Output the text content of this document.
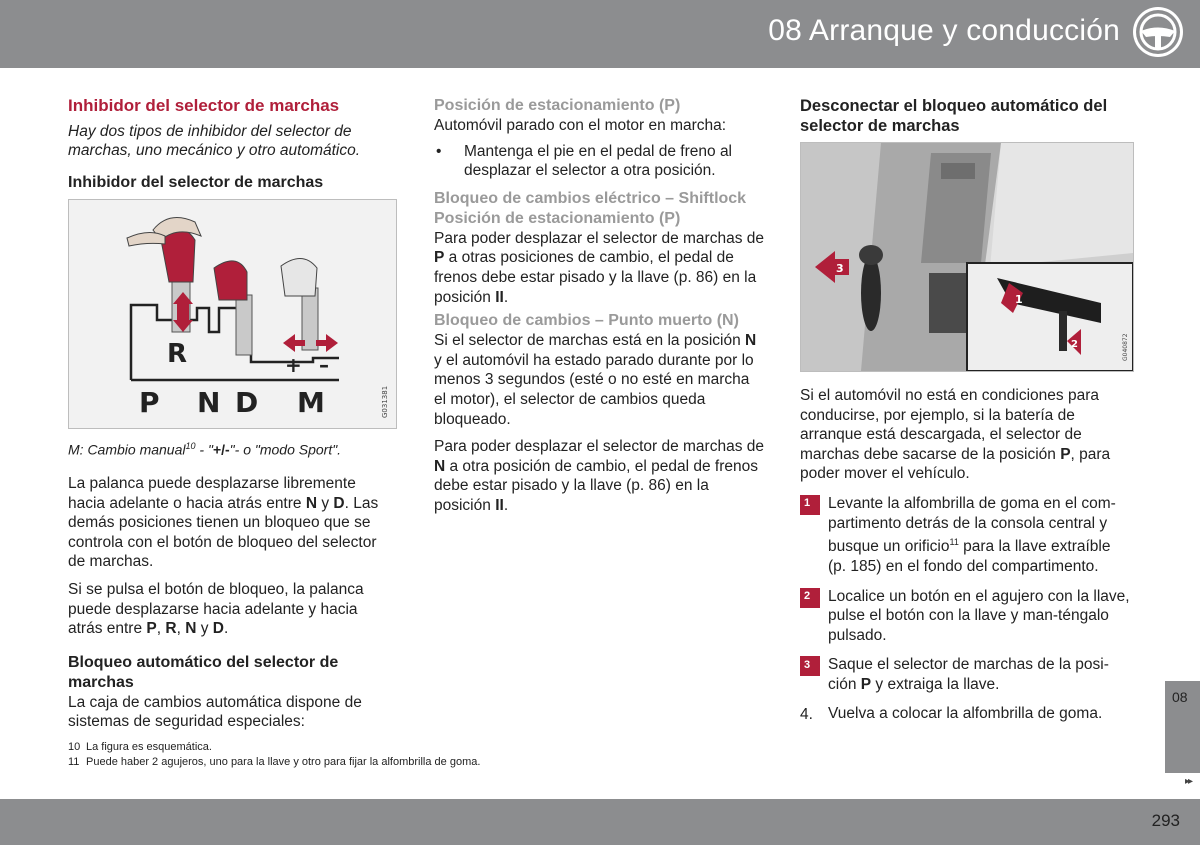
08 Arranque y conducción
Inhibidor del selector de marchas

Hay dos tipos de inhibidor del selector de marchas, uno mecánico y otro automático.

Inhibidor del selector de marchas
R	+ –
P N D M	G031381

M: Cambio manual$^{10}$ - "+/-"- o "modo Sport".

La palanca puede desplazarse libremente hacia adelante o hacia atrás entre N y D. Las demás posiciones tienen un bloqueo que se controla con el botón de bloqueo del selector de marchas.

Si se pulsa el botón de bloqueo, la palanca puede desplazarse hacia adelante y hacia atrás entre P, R, N y D.

Bloqueo automático del selector de marchas

La caja de cambios automática dispone de sistemas de seguridad especiales:

Posición de estacionamiento (P)

Automóvil parado con el motor en marcha:

•	Mantenga el pie en el pedal de freno al desplazar el selector a otra posición.
Bloqueo de cambios eléctrico – Shiftlock Posición de estacionamiento (P)

Para poder desplazar el selector de marchas de P a otras posiciones de cambio, el pedal de frenos debe estar pisado y la llave (p. 86) en la posición II.

Bloqueo de cambios – Punto muerto (N)

Si el selector de marchas está en la posición N y el automóvil ha estado parado durante por lo menos 3 segundos (esté o no esté en marcha el motor), el selector de cambios queda bloqueado.

Para poder desplazar el selector de marchas de N a otra posición de cambio, el pedal de frenos debe estar pisado y la llave (p. 86) en la posición II.

Desconectar el bloqueo automático del selector de marchas
3
1
2	G040872

Si el automóvil no está en condiciones para conducirse, por ejemplo, si la batería de arranque está descargada, el selector de marchas debe sacarse de la posición P, para poder mover el vehículo.

1 Levante la alfombrilla de goma en el com-partimento detrás de la consola central y busque un orificio$^{11}$ para la llave extraíble (p. 185) en el fondo del compartimento.
2 Localice un botón en el agujero con la llave, pulse el botón con la llave y man-téngalo pulsado.
3 Saque el selector de marchas de la posi-ción P y extraiga la llave.
4. Vuelva a colocar la alfombrilla de goma.
10 La figura es esquemática.
11 Puede haber 2 agujeros, uno para la llave y otro para fijar la alfombrilla de goma.
08
▸▸
293
